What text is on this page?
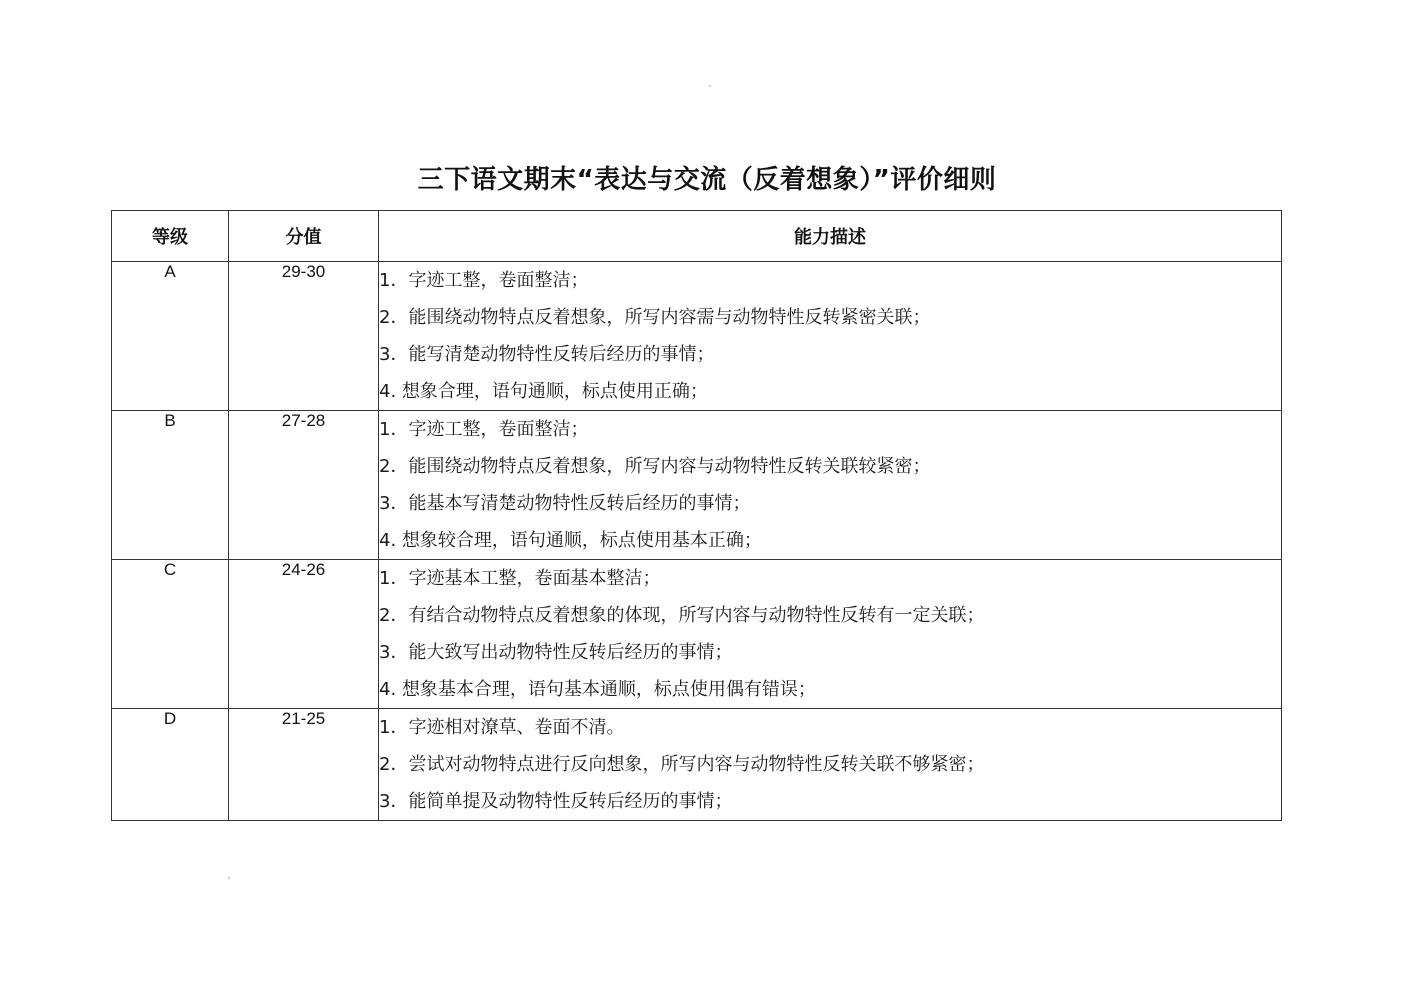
三下语文期末“表达与交流（反着想象）”评价细则
等级	分值	能力描述
A	29-30	1．字迹工整，卷面整洁；
2．能围绕动物特点反着想象，所写内容需与动物特性反转紧密关联；
3．能写清楚动物特性反转后经历的事情；
4. 想象合理，语句通顺，标点使用正确；

B	27-28	1．字迹工整，卷面整洁；
2．能围绕动物特点反着想象，所写内容与动物特性反转关联较紧密；
3．能基本写清楚动物特性反转后经历的事情；
4. 想象较合理，语句通顺，标点使用基本正确；

C	24-26	1．字迹基本工整，卷面基本整洁；
2．有结合动物特点反着想象的体现，所写内容与动物特性反转有一定关联；
3．能大致写出动物特性反转后经历的事情；
4. 想象基本合理，语句基本通顺，标点使用偶有错误；

D	21-25	1．字迹相对潦草、卷面不清。
2．尝试对动物特点进行反向想象，所写内容与动物特性反转关联不够紧密；
3．能简单提及动物特性反转后经历的事情；
